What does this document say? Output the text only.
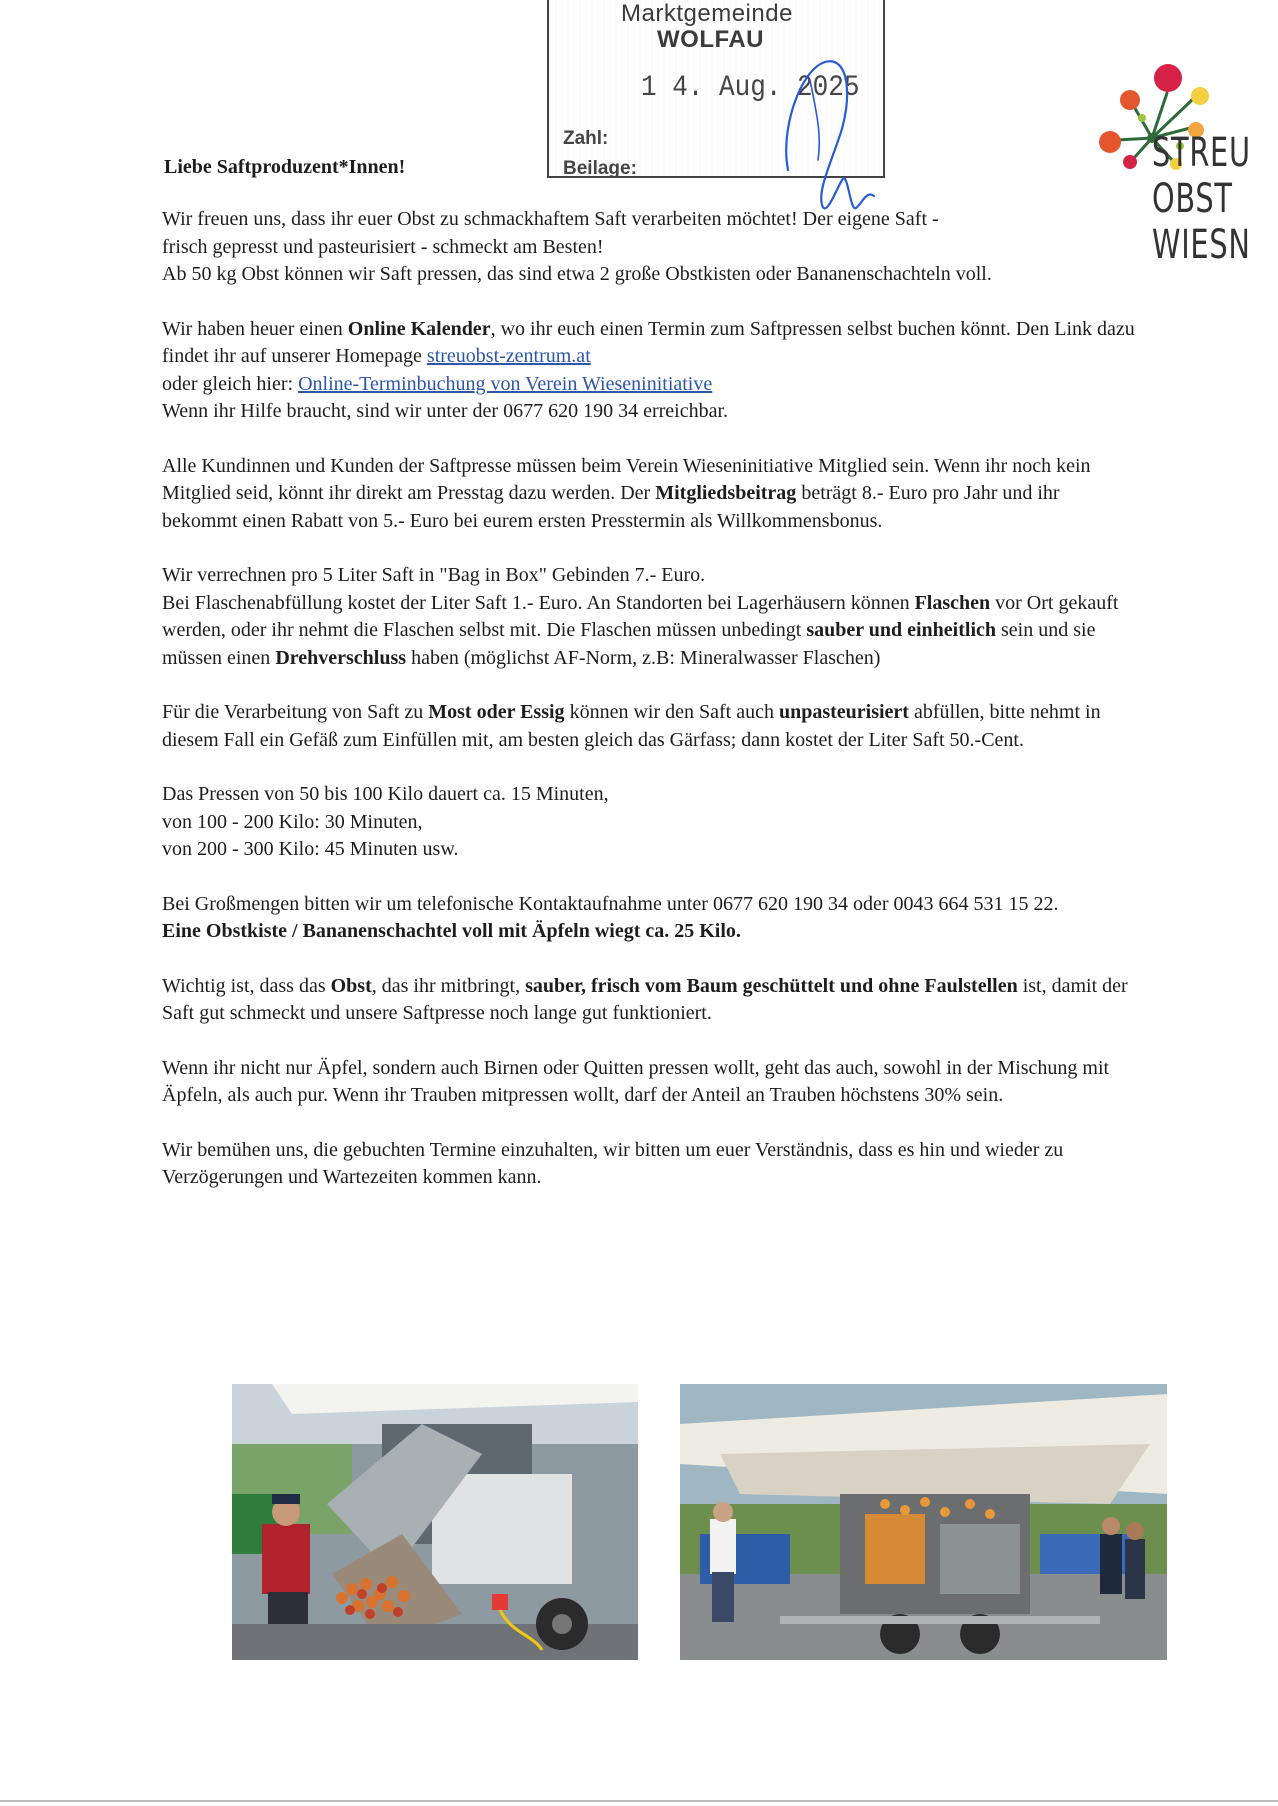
Marktgemeinde
WOLFAU
1 4. Aug. 2025
Zahl:
Beilage:	STREU
OBST
WIESN
Liebe Saftproduzent*Innen!

Wir freuen uns, dass ihr euer Obst zu schmackhaftem Saft verarbeiten möchtet! Der eigene Saft -
frisch gepresst und pasteurisiert - schmeckt am Besten!
Ab 50 kg Obst können wir Saft pressen, das sind etwa 2 große Obstkisten oder Bananenschachteln voll.

Wir haben heuer einen Online Kalender, wo ihr euch einen Termin zum Saftpressen selbst buchen könnt. Den Link dazu findet ihr auf unserer Homepage streuobst-zentrum.at
oder gleich hier: Online-Terminbuchung von Verein Wieseninitiative
Wenn ihr Hilfe braucht, sind wir unter der 0677 620 190 34 erreichbar.

Alle Kundinnen und Kunden der Saftpresse müssen beim Verein Wieseninitiative Mitglied sein. Wenn ihr noch kein Mitglied seid, könnt ihr direkt am Presstag dazu werden. Der Mitgliedsbeitrag beträgt 8.- Euro pro Jahr und ihr bekommt einen Rabatt von 5.- Euro bei eurem ersten Presstermin als Willkommensbonus.

Wir verrechnen pro 5 Liter Saft in "Bag in Box" Gebinden 7.- Euro.
Bei Flaschenabfüllung kostet der Liter Saft 1.- Euro. An Standorten bei Lagerhäusern können Flaschen vor Ort gekauft werden, oder ihr nehmt die Flaschen selbst mit. Die Flaschen müssen unbedingt sauber und einheitlich sein und sie müssen einen Drehverschluss haben (möglichst AF-Norm, z.B: Mineralwasser Flaschen)

Für die Verarbeitung von Saft zu Most oder Essig können wir den Saft auch unpasteurisiert abfüllen, bitte nehmt in diesem Fall ein Gefäß zum Einfüllen mit, am besten gleich das Gärfass; dann kostet der Liter Saft 50.-Cent.

Das Pressen von 50 bis 100 Kilo dauert ca. 15 Minuten,
von 100 - 200 Kilo: 30 Minuten,
von 200 - 300 Kilo: 45 Minuten usw.

Bei Großmengen bitten wir um telefonische Kontaktaufnahme unter 0677 620 190 34 oder 0043 664 531 15 22.
Eine Obstkiste / Bananenschachtel voll mit Äpfeln wiegt ca. 25 Kilo.

Wichtig ist, dass das Obst, das ihr mitbringt, sauber, frisch vom Baum geschüttelt und ohne Faulstellen ist, damit der Saft gut schmeckt und unsere Saftpresse noch lange gut funktioniert.

Wenn ihr nicht nur Äpfel, sondern auch Birnen oder Quitten pressen wollt, geht das auch, sowohl in der Mischung mit Äpfeln, als auch pur. Wenn ihr Trauben mitpressen wollt, darf der Anteil an Trauben höchstens 30% sein.

Wir bemühen uns, die gebuchten Termine einzuhalten, wir bitten um euer Verständnis, dass es hin und wieder zu Verzögerungen und Wartezeiten kommen kann.
